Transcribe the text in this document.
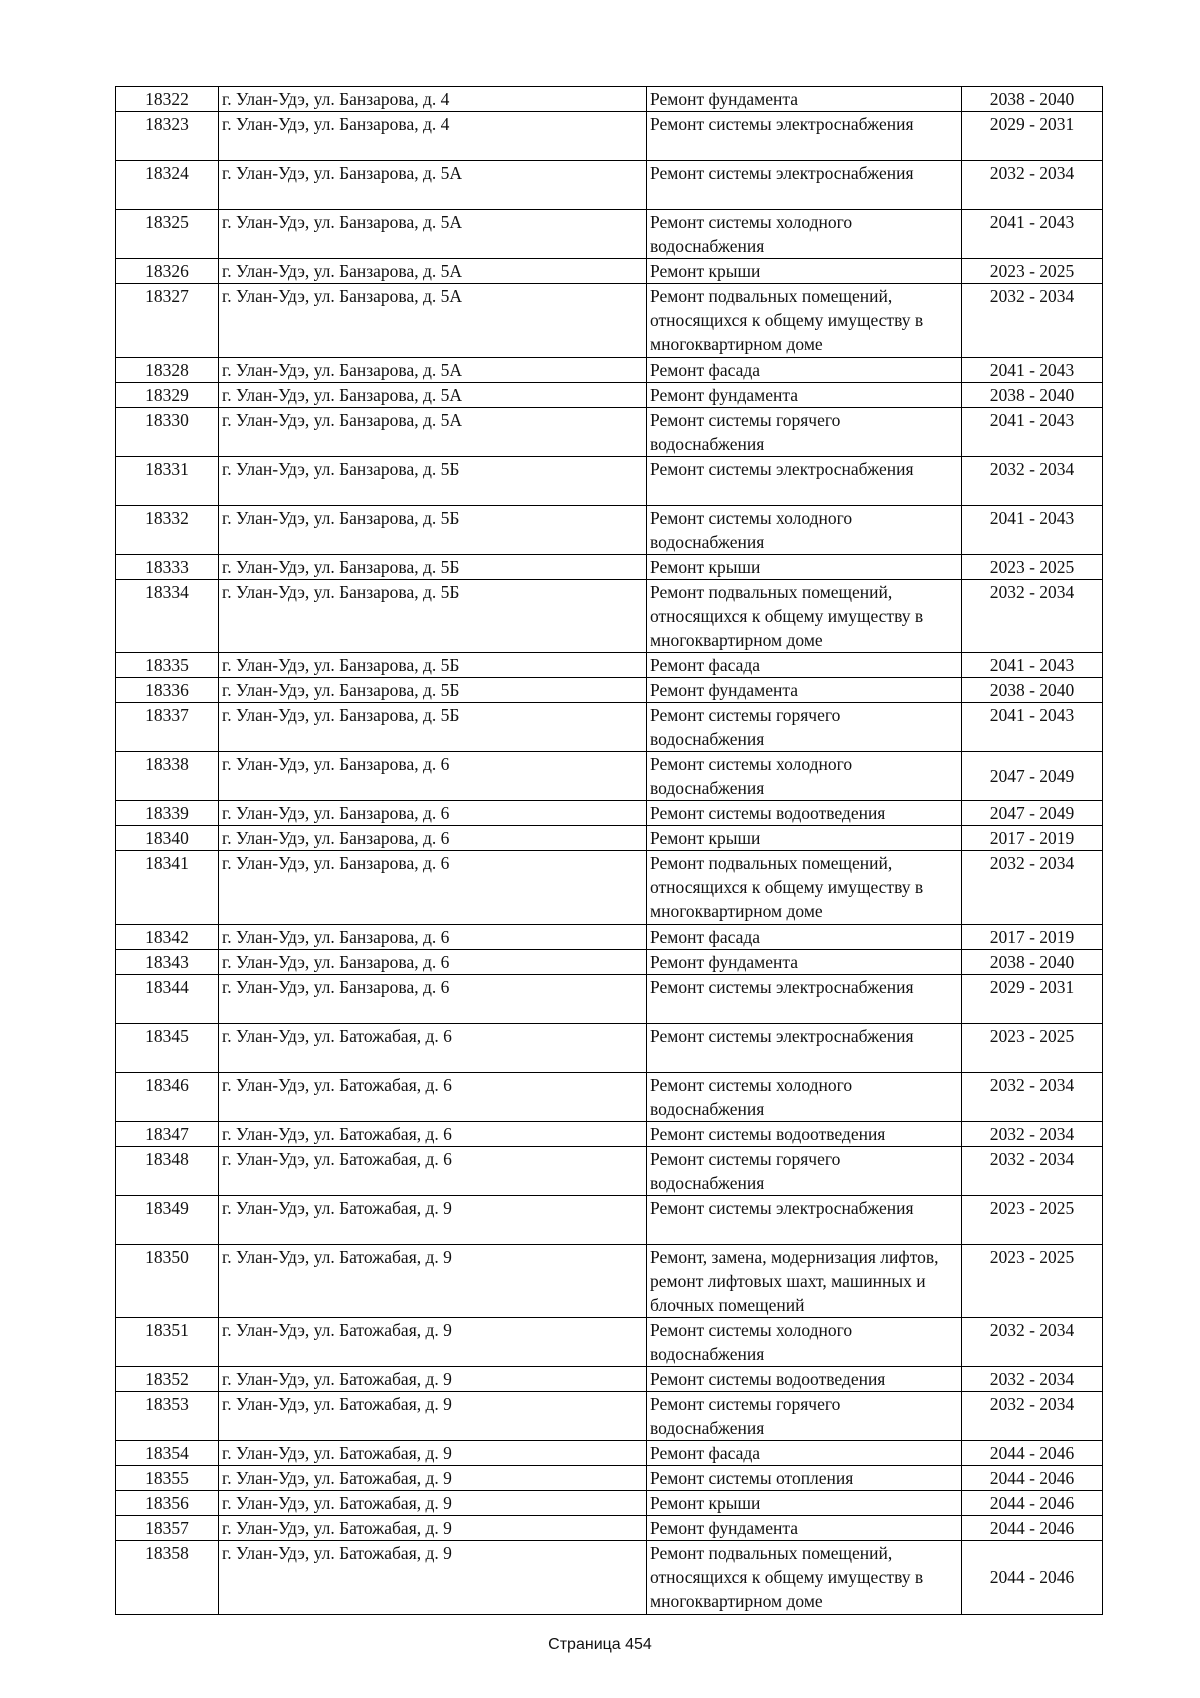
18322	г. Улан-Удэ, ул. Банзарова, д. 4	Ремонт фундамента	2038 - 2040
18323	г. Улан-Удэ, ул. Банзарова, д. 4	Ремонт системы электроснабжения	2029 - 2031
18324	г. Улан-Удэ, ул. Банзарова, д. 5А	Ремонт системы электроснабжения	2032 - 2034
18325	г. Улан-Удэ, ул. Банзарова, д. 5А	Ремонт системы холодного водоснабжения	2041 - 2043
18326	г. Улан-Удэ, ул. Банзарова, д. 5А	Ремонт крыши	2023 - 2025
18327	г. Улан-Удэ, ул. Банзарова, д. 5А	Ремонт подвальных помещений, относящихся к общему имуществу в многоквартирном доме	2032 - 2034
18328	г. Улан-Удэ, ул. Банзарова, д. 5А	Ремонт фасада	2041 - 2043
18329	г. Улан-Удэ, ул. Банзарова, д. 5А	Ремонт фундамента	2038 - 2040
18330	г. Улан-Удэ, ул. Банзарова, д. 5А	Ремонт системы горячего водоснабжения	2041 - 2043
18331	г. Улан-Удэ, ул. Банзарова, д. 5Б	Ремонт системы электроснабжения	2032 - 2034
18332	г. Улан-Удэ, ул. Банзарова, д. 5Б	Ремонт системы холодного водоснабжения	2041 - 2043
18333	г. Улан-Удэ, ул. Банзарова, д. 5Б	Ремонт крыши	2023 - 2025
18334	г. Улан-Удэ, ул. Банзарова, д. 5Б	Ремонт подвальных помещений, относящихся к общему имуществу в многоквартирном доме	2032 - 2034
18335	г. Улан-Удэ, ул. Банзарова, д. 5Б	Ремонт фасада	2041 - 2043
18336	г. Улан-Удэ, ул. Банзарова, д. 5Б	Ремонт фундамента	2038 - 2040
18337	г. Улан-Удэ, ул. Банзарова, д. 5Б	Ремонт системы горячего водоснабжения	2041 - 2043
18338	г. Улан-Удэ, ул. Банзарова, д. 6	Ремонт системы холодного водоснабжения	2047 - 2049
18339	г. Улан-Удэ, ул. Банзарова, д. 6	Ремонт системы водоотведения	2047 - 2049
18340	г. Улан-Удэ, ул. Банзарова, д. 6	Ремонт крыши	2017 - 2019
18341	г. Улан-Удэ, ул. Банзарова, д. 6	Ремонт подвальных помещений, относящихся к общему имуществу в многоквартирном доме	2032 - 2034
18342	г. Улан-Удэ, ул. Банзарова, д. 6	Ремонт фасада	2017 - 2019
18343	г. Улан-Удэ, ул. Банзарова, д. 6	Ремонт фундамента	2038 - 2040
18344	г. Улан-Удэ, ул. Банзарова, д. 6	Ремонт системы электроснабжения	2029 - 2031
18345	г. Улан-Удэ, ул. Батожабая, д. 6	Ремонт системы электроснабжения	2023 - 2025
18346	г. Улан-Удэ, ул. Батожабая, д. 6	Ремонт системы холодного водоснабжения	2032 - 2034
18347	г. Улан-Удэ, ул. Батожабая, д. 6	Ремонт системы водоотведения	2032 - 2034
18348	г. Улан-Удэ, ул. Батожабая, д. 6	Ремонт системы горячего водоснабжения	2032 - 2034
18349	г. Улан-Удэ, ул. Батожабая, д. 9	Ремонт системы электроснабжения	2023 - 2025
18350	г. Улан-Удэ, ул. Батожабая, д. 9	Ремонт, замена, модернизация лифтов, ремонт лифтовых шахт, машинных и блочных помещений	2023 - 2025
18351	г. Улан-Удэ, ул. Батожабая, д. 9	Ремонт системы холодного водоснабжения	2032 - 2034
18352	г. Улан-Удэ, ул. Батожабая, д. 9	Ремонт системы водоотведения	2032 - 2034
18353	г. Улан-Удэ, ул. Батожабая, д. 9	Ремонт системы горячего водоснабжения	2032 - 2034
18354	г. Улан-Удэ, ул. Батожабая, д. 9	Ремонт фасада	2044 - 2046
18355	г. Улан-Удэ, ул. Батожабая, д. 9	Ремонт системы отопления	2044 - 2046
18356	г. Улан-Удэ, ул. Батожабая, д. 9	Ремонт крыши	2044 - 2046
18357	г. Улан-Удэ, ул. Батожабая, д. 9	Ремонт фундамента	2044 - 2046
18358	г. Улан-Удэ, ул. Батожабая, д. 9	Ремонт подвальных помещений, относящихся к общему имуществу в многоквартирном доме	2044 - 2046
Страница 454
